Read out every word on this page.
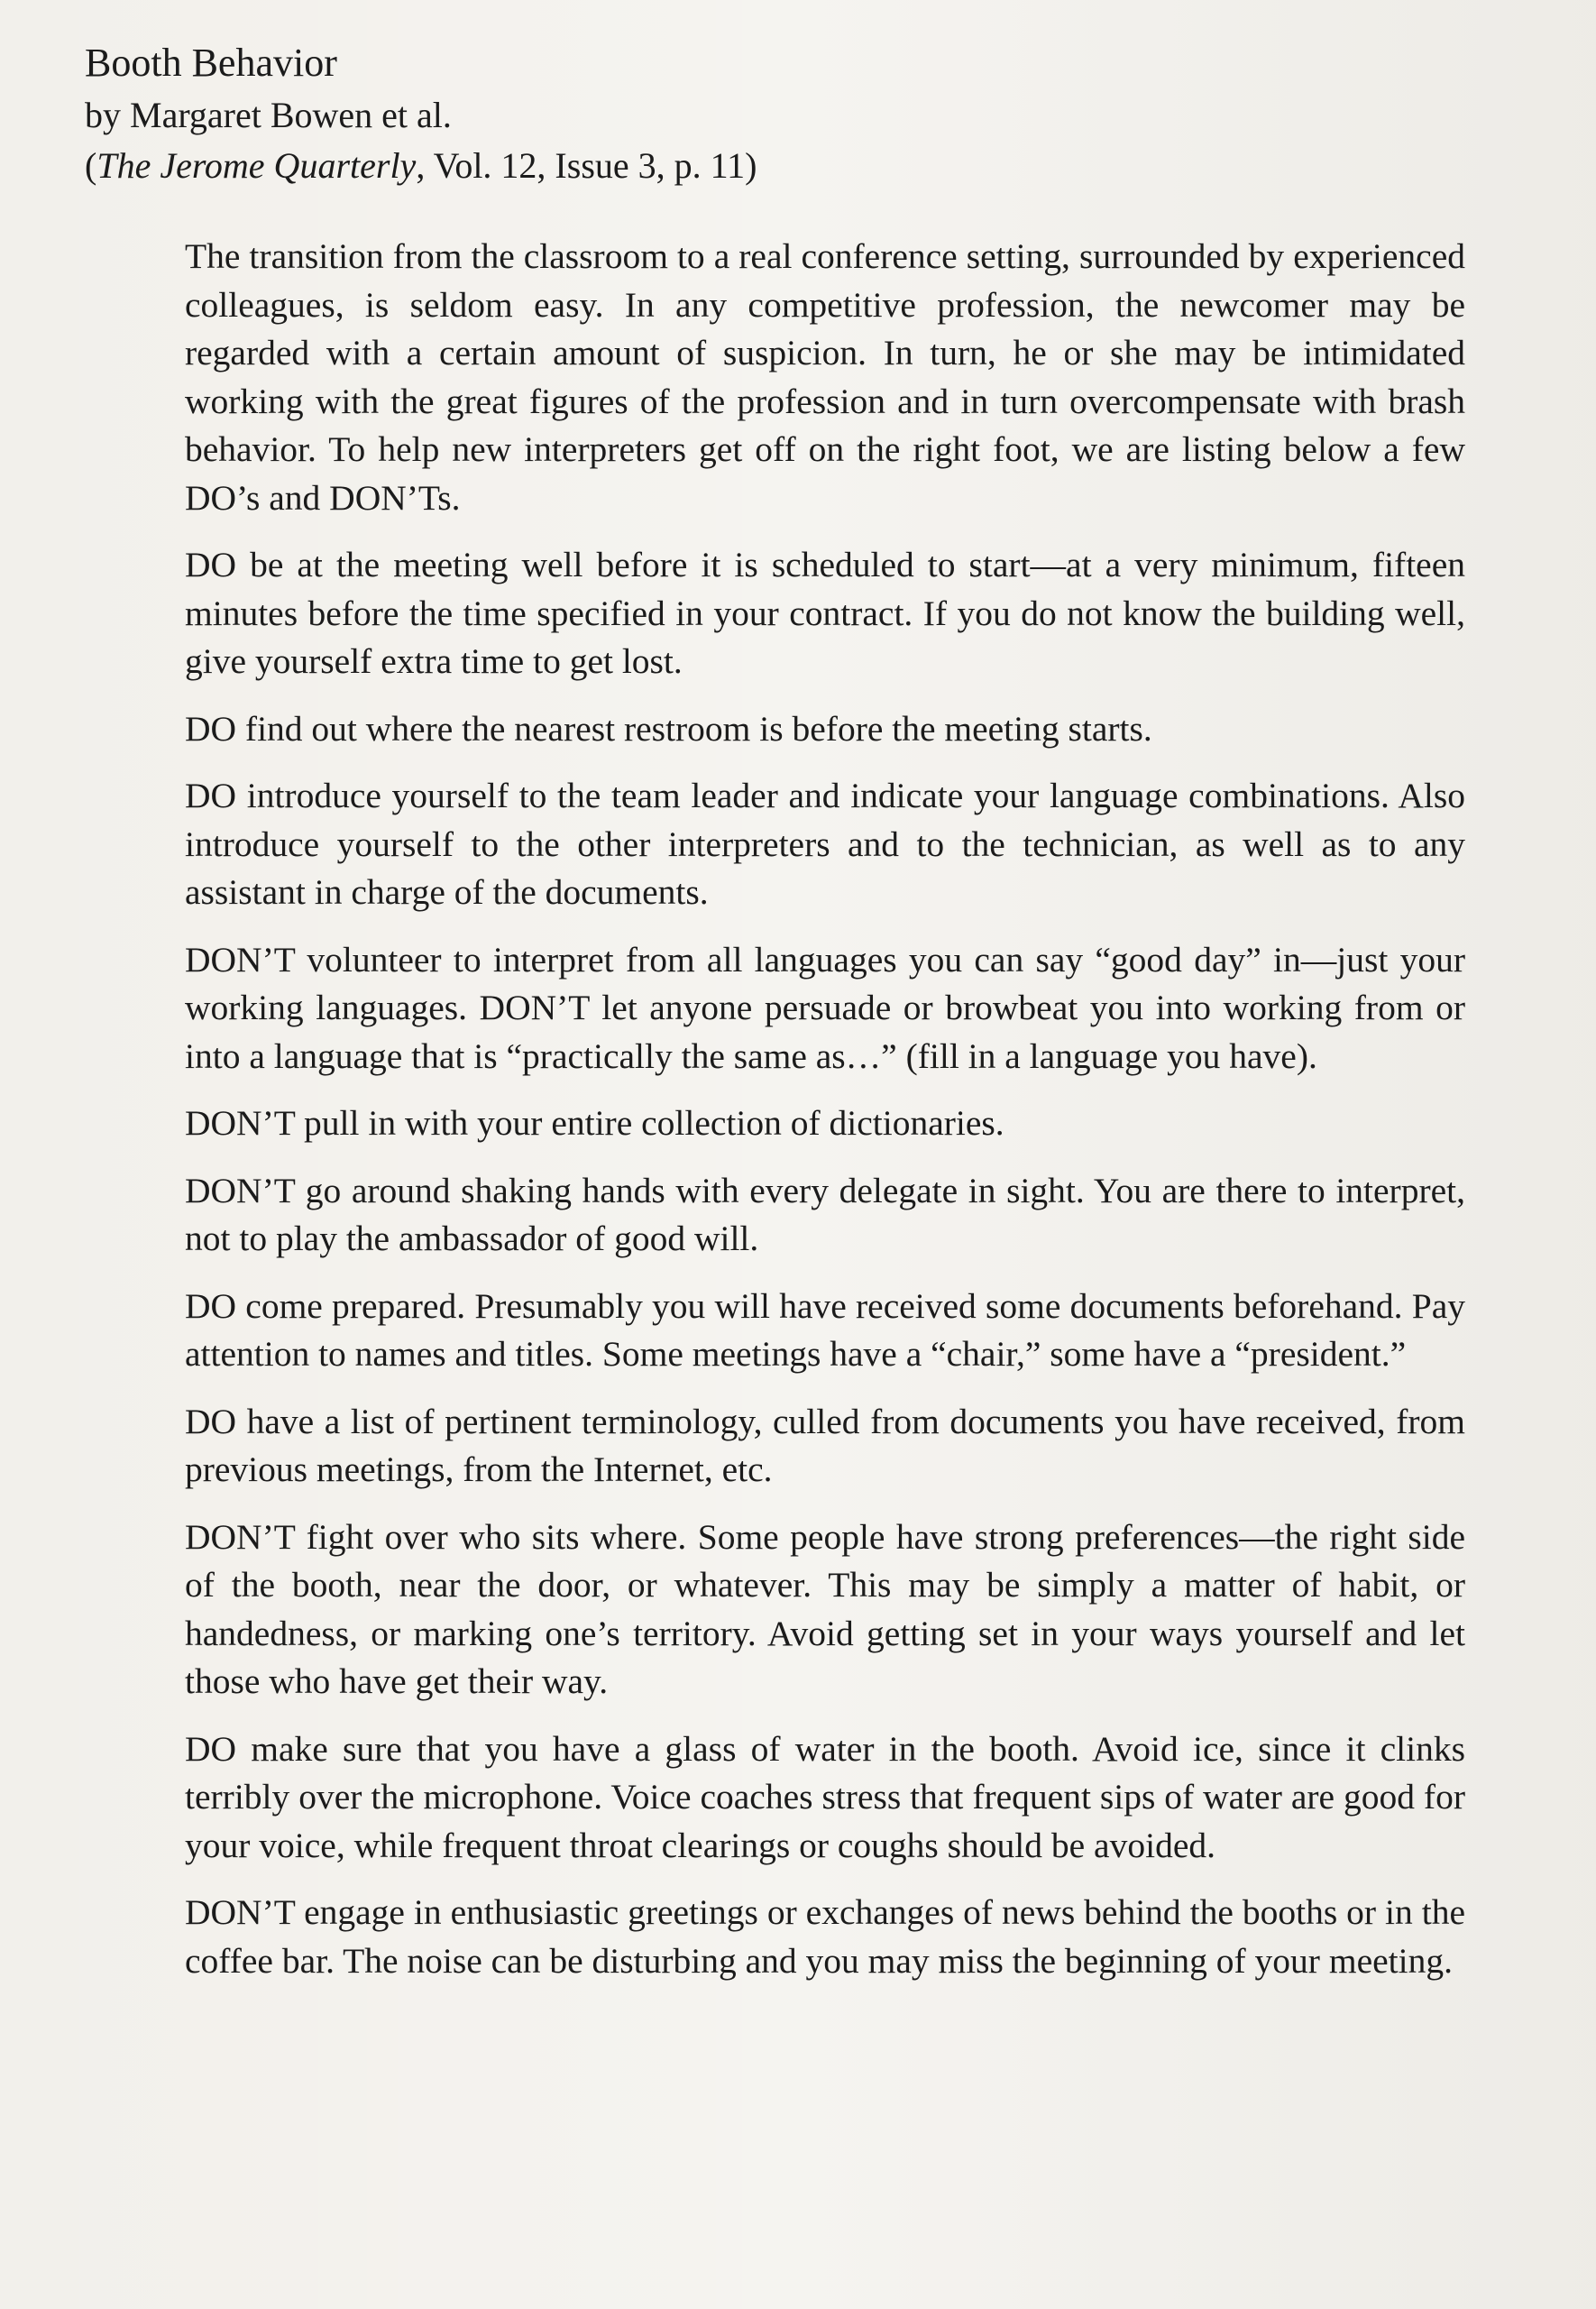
Booth Behavior

by Margaret Bowen et al.

(The Jerome Quarterly, Vol. 12, Issue 3, p. 11)

The transition from the classroom to a real conference setting, surrounded by experienced colleagues, is seldom easy. In any competitive profession, the newcomer may be regarded with a certain amount of suspicion. In turn, he or she may be intimidated working with the great figures of the profession and in turn overcompensate with brash behavior. To help new interpreters get off on the right foot, we are listing below a few DO’s and DON’Ts.

DO be at the meeting well before it is scheduled to start—at a very minimum, fifteen minutes before the time specified in your contract. If you do not know the building well, give yourself extra time to get lost.

DO find out where the nearest restroom is before the meeting starts.

DO introduce yourself to the team leader and indicate your language combinations. Also introduce yourself to the other interpreters and to the technician, as well as to any assistant in charge of the documents.

DON’T volunteer to interpret from all languages you can say “good day” in—just your working languages. DON’T let anyone persuade or browbeat you into working from or into a language that is “practically the same as…” (fill in a language you have).

DON’T pull in with your entire collection of dictionaries.

DON’T go around shaking hands with every delegate in sight. You are there to interpret, not to play the ambassador of good will.

DO come prepared. Presumably you will have received some documents beforehand. Pay attention to names and titles. Some meetings have a “chair,” some have a “president.”

DO have a list of pertinent terminology, culled from documents you have received, from previous meetings, from the Internet, etc.

DON’T fight over who sits where. Some people have strong preferences—the right side of the booth, near the door, or whatever. This may be simply a matter of habit, or handedness, or marking one’s territory. Avoid getting set in your ways yourself and let those who have get their way.

DO make sure that you have a glass of water in the booth. Avoid ice, since it clinks terribly over the microphone. Voice coaches stress that frequent sips of water are good for your voice, while frequent throat clearings or coughs should be avoided.

DON’T engage in enthusiastic greetings or exchanges of news behind the booths or in the coffee bar. The noise can be disturbing and you may miss the beginning of your meeting.
